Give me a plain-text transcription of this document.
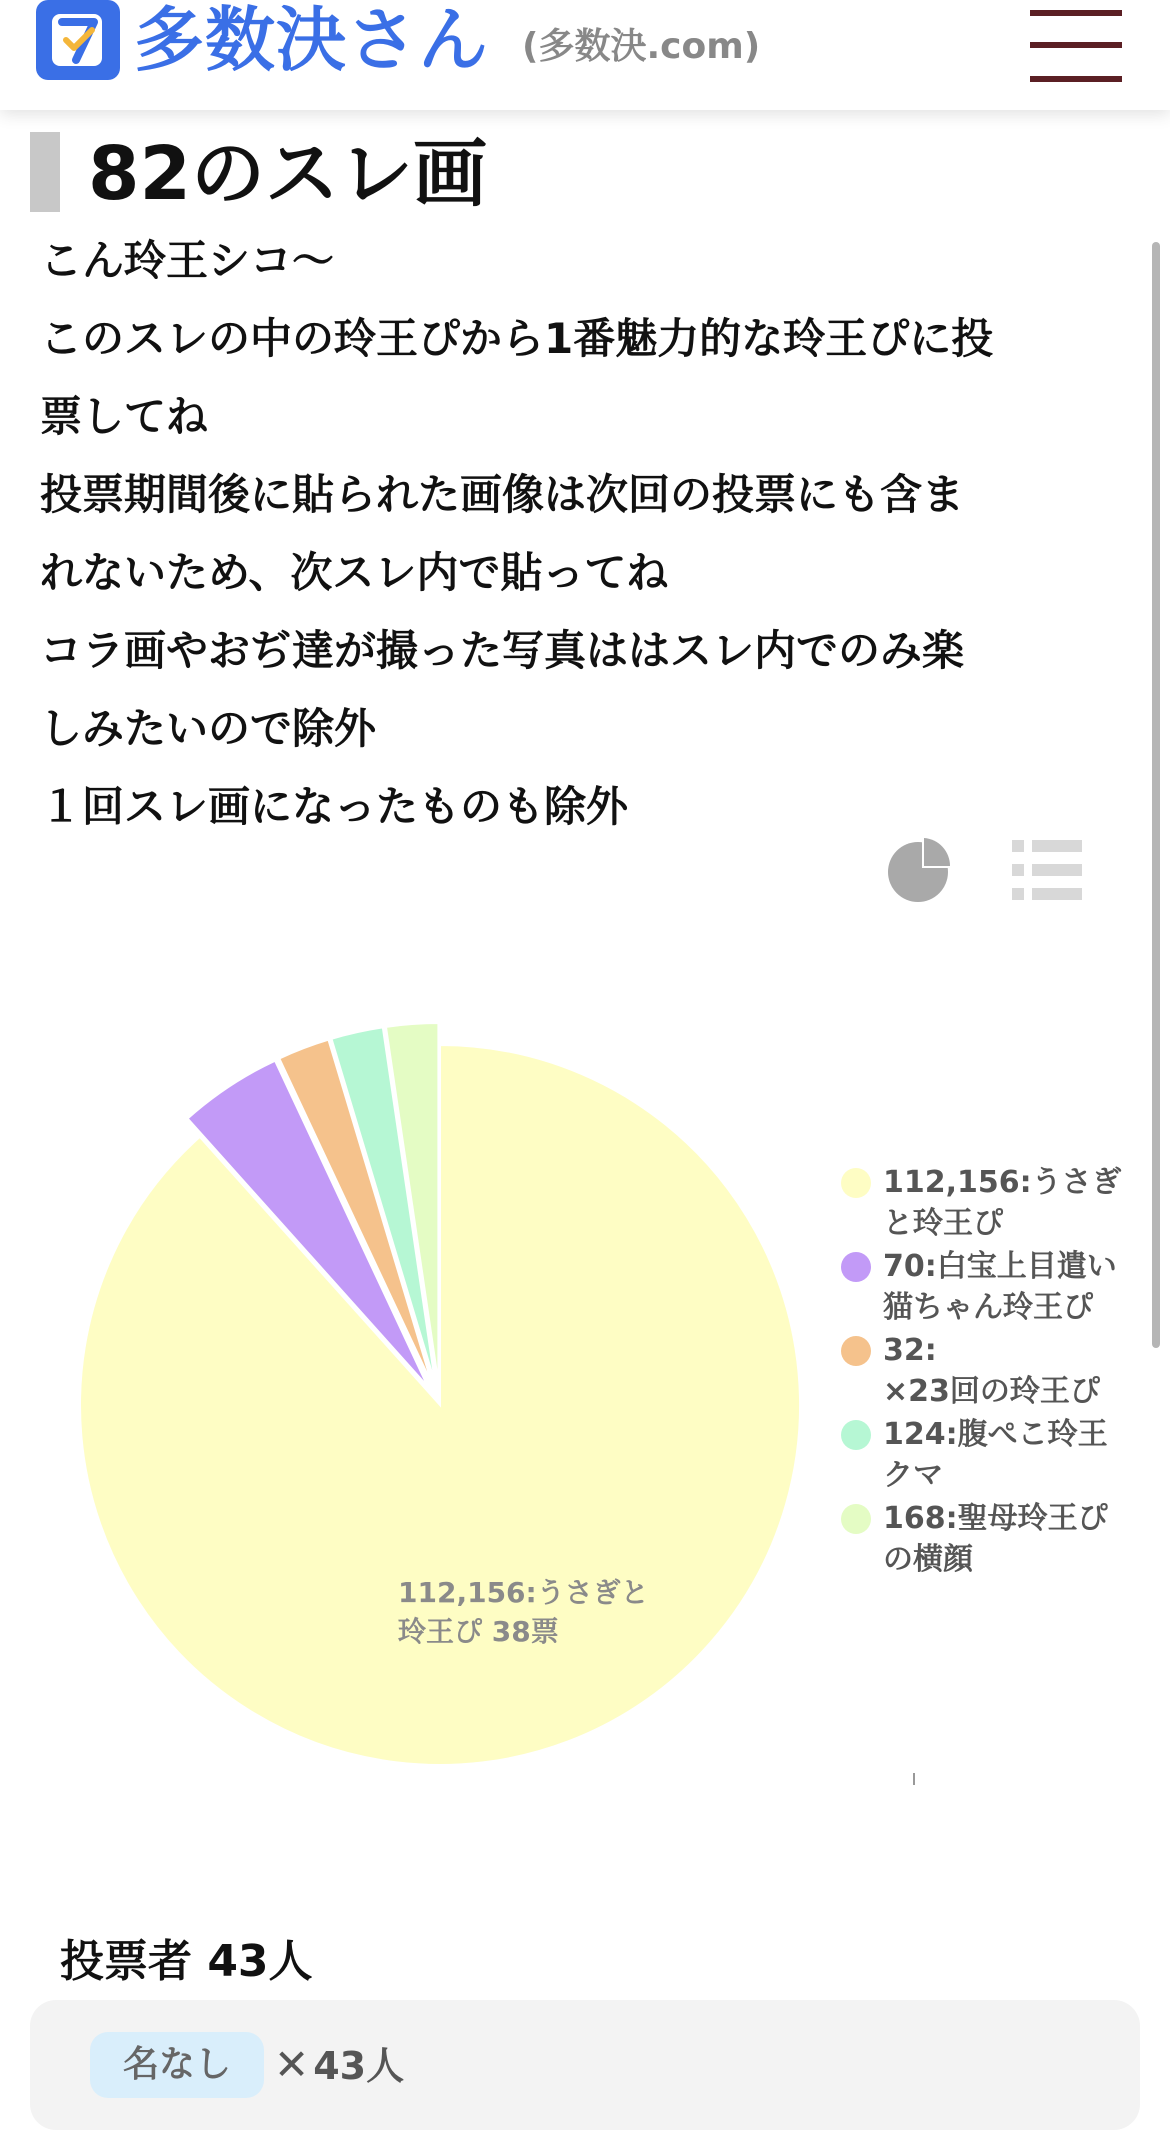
多数決さん (多数決.com)
82のスレ画
こん玲王シコ〜
このスレの中の玲王ぴから1番魅力的な玲王ぴに投
票してね
投票期間後に貼られた画像は次回の投票にも含ま
れないため、次スレ内で貼ってね
コラ画やおぢ達が撮った写真ははスレ内でのみ楽
しみたいので除外
１回スレ画になったものも除外
112,156:うさぎと
玲王ぴ 38票
112,156:うさぎ
と玲王ぴ
70:白宝上目遣い
猫ちゃん玲王ぴ
32:
×23回の玲王ぴ
124:腹ぺこ玲王
クマ
168:聖母玲王ぴ
の横顔
投票者 43人
名なし	✕ 43人
